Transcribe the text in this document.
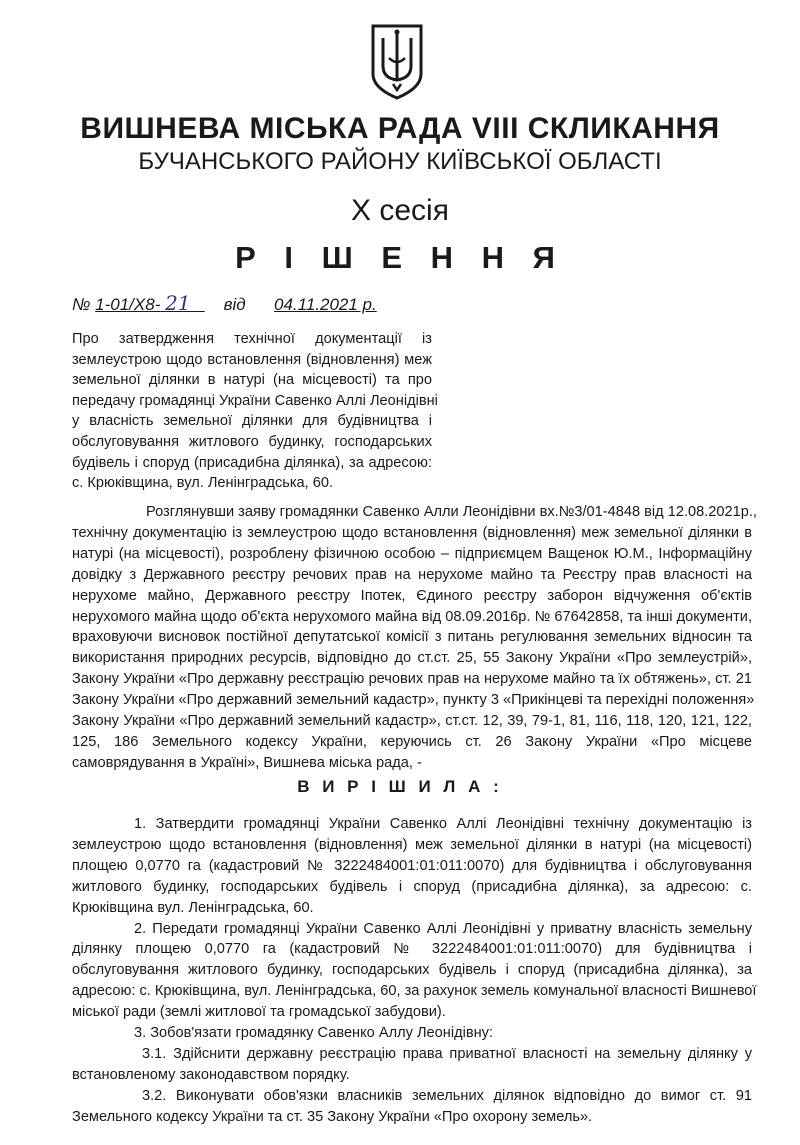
ВИШНЕВА МІСЬКА РАДА VIII СКЛИКАННЯ
БУЧАНСЬКОГО РАЙОНУ КИЇВСЬКОЇ ОБЛАСТІ
Х сесія
Р І Ш Е Н Н Я
№ 1-01/Х8- 21 від 04.11.2021 р.
Про затвердження технічної документації із
землеустрою щодо встановлення (відновлення) меж
земельної ділянки в натурі (на місцевості) та про
передачу громадянці України Савенко Аллі Леонідівні
у власність земельної ділянки для будівництва і
обслуговування житлового будинку, господарських
будівель і споруд (присадибна ділянка), за адресою:
с. Крюківщина, вул. Ленінградська, 60.
Розглянувши заяву громадянки Савенко Алли Леонідівни вх.№3/01-4848 від 12.08.2021р.,
технічну документацію із землеустрою щодо встановлення (відновлення) меж земельної ділянки в
натурі (на місцевості), розроблену фізичною особою – підприємцем Ващенок Ю.М., Інформаційну
довідку з Державного реєстру речових прав на нерухоме майно та Реєстру прав власності на
нерухоме майно, Державного реєстру Іпотек, Єдиного реєстру заборон відчуження об'єктів
нерухомого майна щодо об'єкта нерухомого майна від 08.09.2016р. № 67642858, та інші документи,
враховуючи висновок постійної депутатської комісії з питань регулювання земельних відносин та
використання природних ресурсів, відповідно до ст.ст. 25, 55 Закону України «Про землеустрій»,
Закону України «Про державну реєстрацію речових прав на нерухоме майно та їх обтяжень», ст. 21
Закону України «Про державний земельний кадастр», пункту 3 «Прикінцеві та перехідні положення»
Закону України «Про державний земельний кадастр», ст.ст. 12, 39, 79-1, 81, 116, 118, 120, 121, 122,
125, 186 Земельного кодексу України, керуючись ст. 26 Закону України «Про місцеве
самоврядування в Україні», Вишнева міська рада, -
В И Р І Ш И Л А :
1. Затвердити громадянці України Савенко Аллі Леонідівні технічну документацію із
землеустрою щодо встановлення (відновлення) меж земельної ділянки в натурі (на місцевості)
площею 0,0770 га (кадастровий № 3222484001:01:011:0070) для будівництва і обслуговування
житлового будинку, господарських будівель і споруд (присадибна ділянка), за адресою: с.
Крюківщина вул. Ленінградська, 60.
2. Передати громадянці України Савенко Аллі Леонідівні у приватну власність земельну
ділянку площею 0,0770 га (кадастровий № 3222484001:01:011:0070) для будівництва і
обслуговування житлового будинку, господарських будівель і споруд (присадибна ділянка), за
адресою: с. Крюківщина, вул. Ленінградська, 60, за рахунок земель комунальної власності Вишневої
міської ради (землі житлової та громадської забудови).
3. Зобов'язати громадянку Савенко Аллу Леонідівну:
3.1. Здійснити державну реєстрацію права приватної власності на земельну ділянку у
встановленому законодавством порядку.
3.2. Виконувати обов'язки власників земельних ділянок відповідно до вимог ст. 91
Земельного кодексу України та ст. 35 Закону України «Про охорону земель».
